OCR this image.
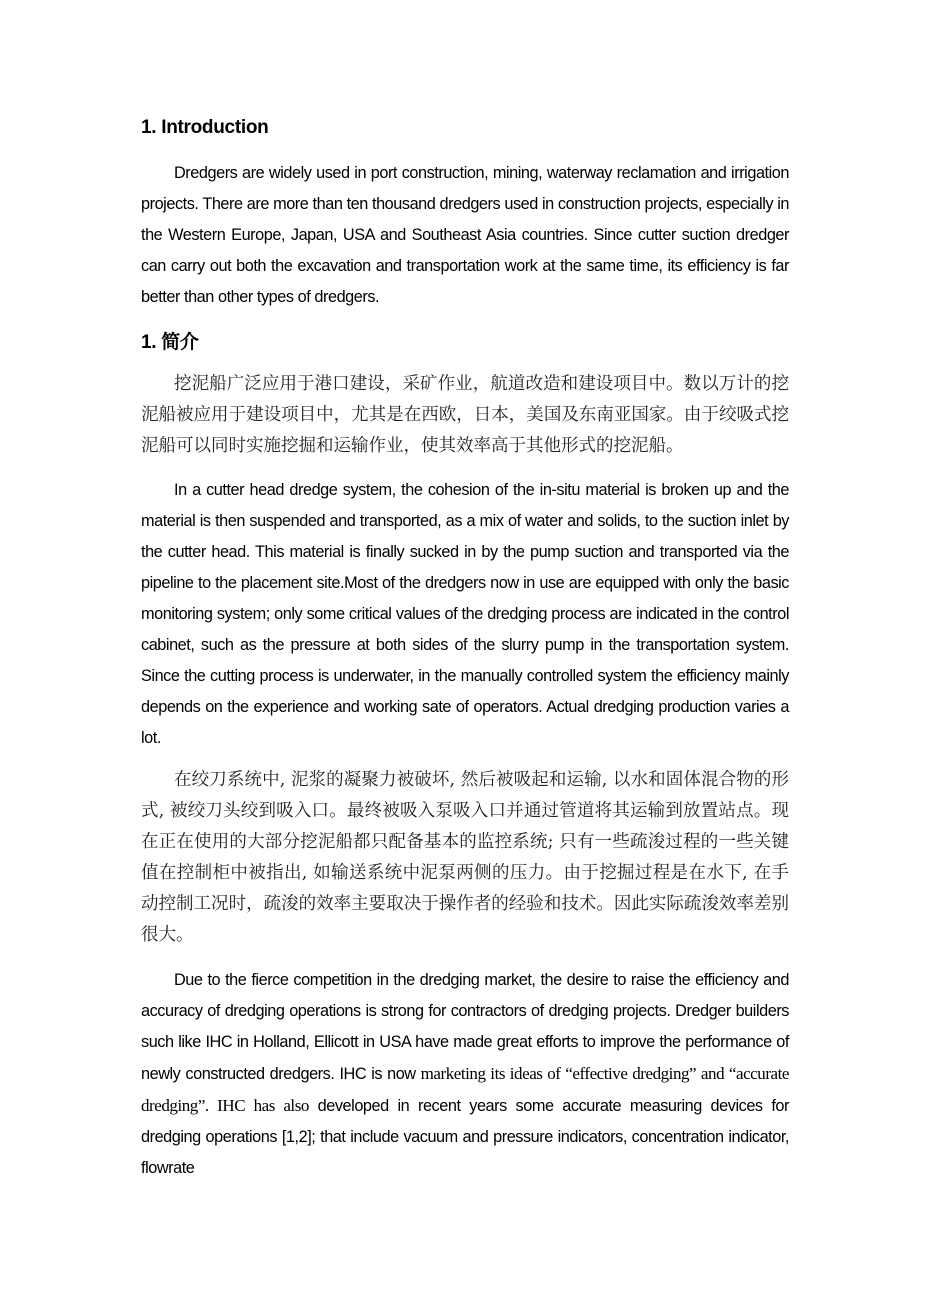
1. Introduction

Dredgers are widely used in port construction, mining, waterway reclamation and irrigation projects. There are more than ten thousand dredgers used in construction projects, especially in the Western Europe, Japan, USA and Southeast Asia countries. Since cutter suction dredger can carry out both the excavation and transportation work at the same time, its efficiency is far better than other types of dredgers.

1. 简介

挖泥船广泛应用于港口建设，采矿作业，航道改造和建设项目中。数以万计的挖泥船被应用于建设项目中，尤其是在西欧，日本，美国及东南亚国家。由于绞吸式挖泥船可以同时实施挖掘和运输作业，使其效率高于其他形式的挖泥船。

In a cutter head dredge system, the cohesion of the in-situ material is broken up and the material is then suspended and transported, as a mix of water and solids, to the suction inlet by the cutter head. This material is finally sucked in by the pump suction and transported via the pipeline to the placement site.Most of the dredgers now in use are equipped with only the basic monitoring system; only some critical values of the dredging process are indicated in the control cabinet, such as the pressure at both sides of the slurry pump in the transportation system. Since the cutting process is underwater, in the manually controlled system the efficiency mainly depends on the experience and working sate of operators. Actual dredging production varies a lot.

在绞刀系统中, 泥浆的凝聚力被破坏, 然后被吸起和运输, 以水和固体混合物的形式, 被绞刀头绞到吸入口。最终被吸入泵吸入口并通过管道将其运输到放置站点。现在正在使用的大部分挖泥船都只配备基本的监控系统; 只有一些疏浚过程的一些关键值在控制柜中被指出, 如输送系统中泥泵两侧的压力。由于挖掘过程是在水下, 在手动控制工况时，疏浚的效率主要取决于操作者的经验和技术。因此实际疏浚效率差别很大。

Due to the fierce competition in the dredging market, the desire to raise the efficiency and accuracy of dredging operations is strong for contractors of dredging projects. Dredger builders such like IHC in Holland, Ellicott in USA have made great efforts to improve the performance of newly constructed dredgers. IHC is now marketing its ideas of “effective dredging” and “accurate dredging”. IHC has also developed in recent years some accurate measuring devices for dredging operations [1,2]; that include vacuum and pressure indicators, concentration indicator, flowrate
